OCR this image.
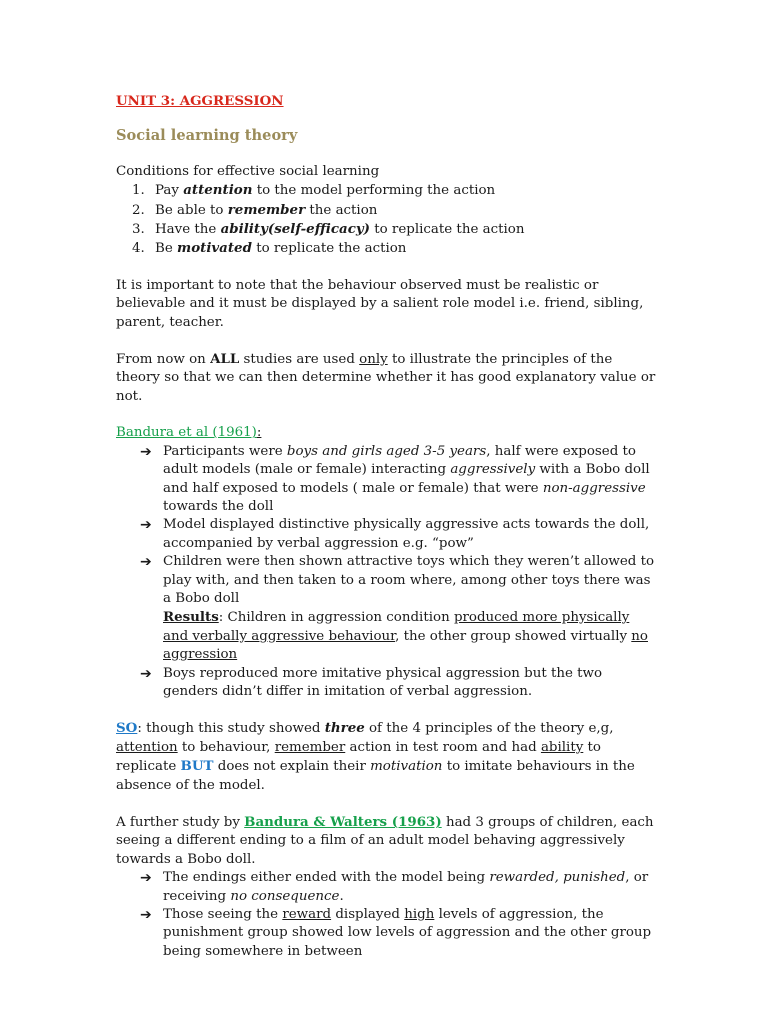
UNIT 3: AGGRESSION
Social learning theory
Conditions for effective social learning
1. Pay attention to the model performing the action
2. Be able to remember the action
3. Have the ability(self-efficacy) to replicate the action
4. Be motivated to replicate the action

It is important to note that the behaviour observed must be realistic or believable and it must be displayed by a salient role model i.e. friend, sibling, parent, teacher.

From now on ALL studies are used only to illustrate the principles of the theory so that we can then determine whether it has good explanatory value or not.

Bandura et al (1961):
➔ Participants were boys and girls aged 3-5 years, half were exposed to adult models (male or female) interacting aggressively with a Bobo doll and half exposed to models ( male or female) that were non-aggressive towards the doll
➔ Model displayed distinctive physically aggressive acts towards the doll, accompanied by verbal aggression e.g. “pow”
➔ Children were then shown attractive toys which they weren’t allowed to play with, and then taken to a room where, among other toys there was a Bobo doll
Results: Children in aggression condition produced more physically and verbally aggressive behaviour, the other group showed virtually no aggression
➔ Boys reproduced more imitative physical aggression but the two genders didn’t differ in imitation of verbal aggression.

SO: though this study showed three of the 4 principles of the theory e,g, attention to behaviour, remember action in test room and had ability to replicate BUT does not explain their motivation to imitate behaviours in the absence of the model.

A further study by Bandura & Walters (1963) had 3 groups of children, each seeing a different ending to a film of an adult model behaving aggressively towards a Bobo doll.
➔ The endings either ended with the model being rewarded, punished, or receiving no consequence.
➔ Those seeing the reward displayed high levels of aggression, the punishment group showed low levels of aggression and the other group being somewhere in between
